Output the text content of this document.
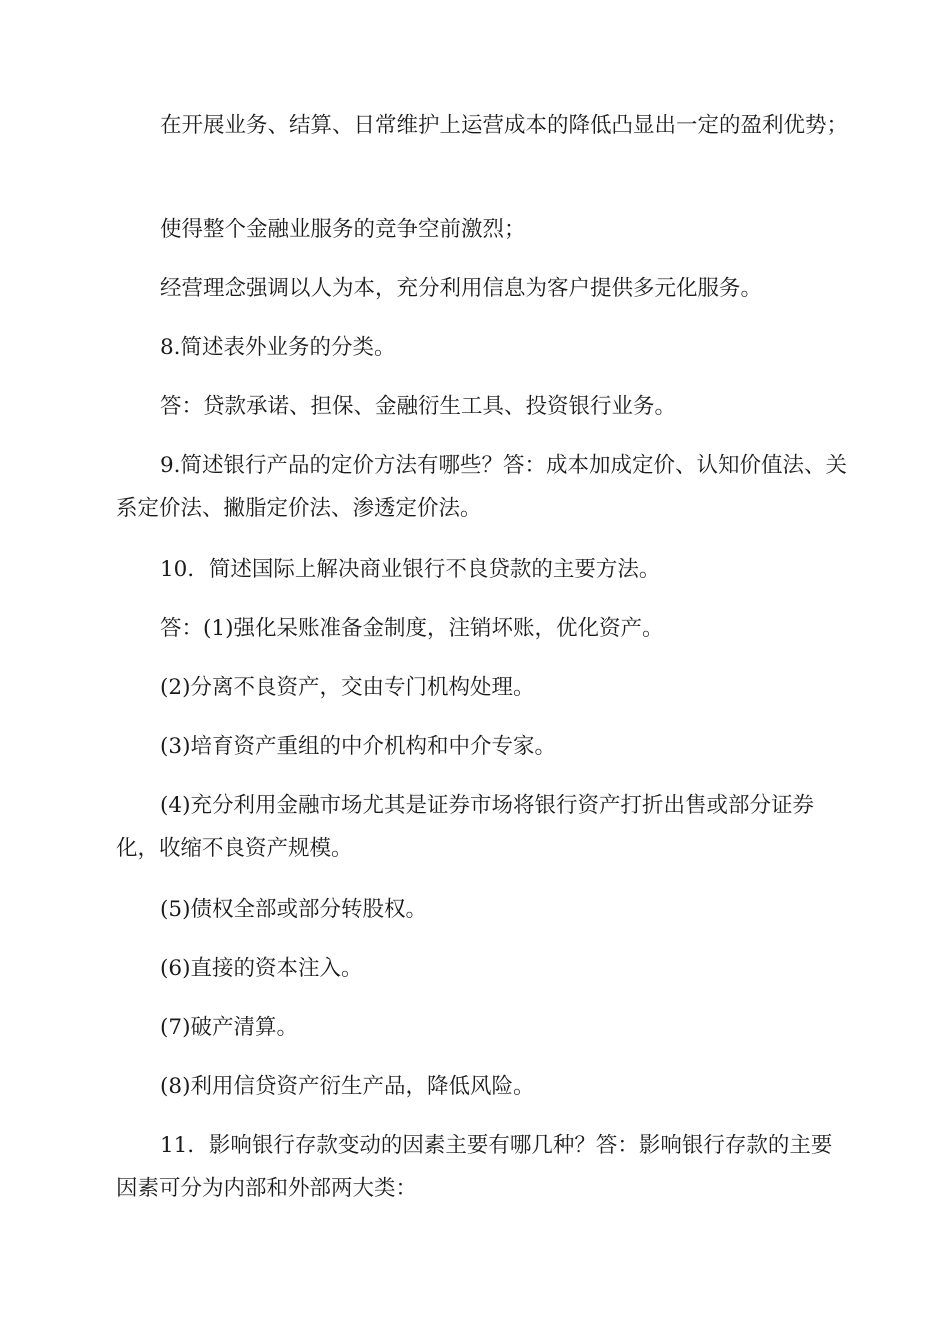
在开展业务、结算、日常维护上运营成本的降低凸显出一定的盈利优势；

使得整个金融业服务的竞争空前激烈；

经营理念强调以人为本，充分利用信息为客户提供多元化服务。

8.简述表外业务的分类。

答：贷款承诺、担保、金融衍生工具、投资银行业务。

9.简述银行产品的定价方法有哪些？答：成本加成定价、认知价值法、关系定价法、撇脂定价法、渗透定价法。

10．简述国际上解决商业银行不良贷款的主要方法。

答：(1)强化呆账准备金制度，注销坏账，优化资产。

(2)分离不良资产，交由专门机构处理。

(3)培育资产重组的中介机构和中介专家。

(4)充分利用金融市场尤其是证券市场将银行资产打折出售或部分证券化，收缩不良资产规模。

(5)债权全部或部分转股权。

(6)直接的资本注入。

(7)破产清算。

(8)利用信贷资产衍生产品，降低风险。

11．影响银行存款变动的因素主要有哪几种？答：影响银行存款的主要因素可分为内部和外部两大类：
